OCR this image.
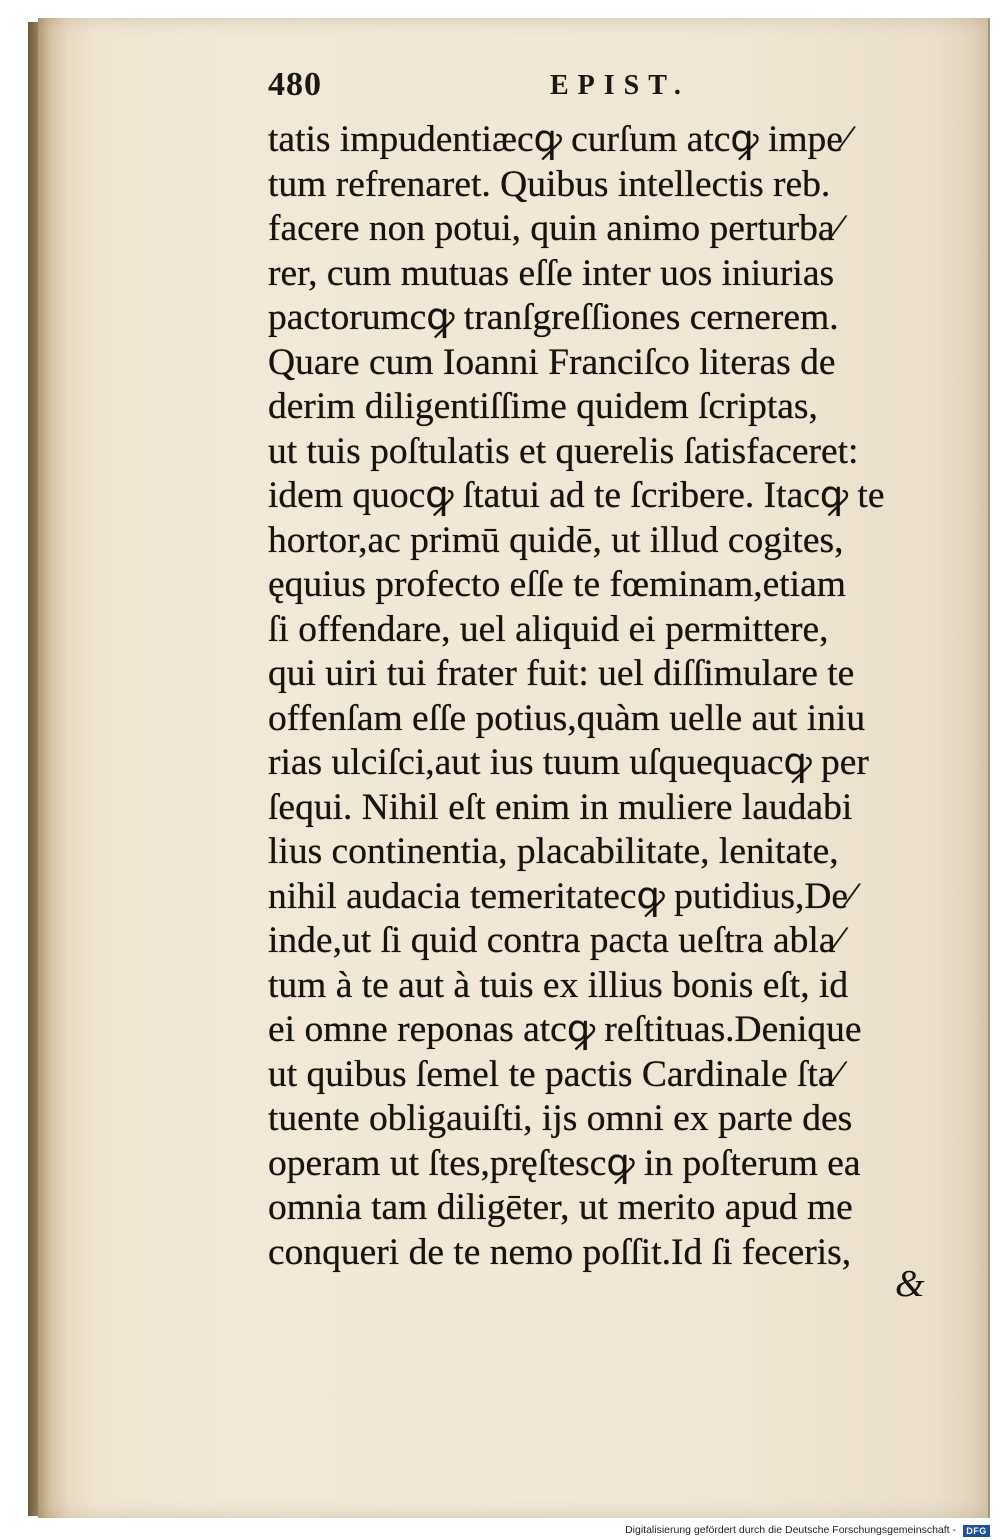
480	EPIST.
tatis impudentiæcꝙ curſum atcꝙ impe⁄
tum refrenaret. Quibus intellectis reb.
facere non potui, quin animo perturba⁄
rer, cum mutuas eſſe inter uos iniurias
pactorumcꝙ tranſgreſſiones cernerem.
Quare cum Ioanni Franciſco literas de
derim diligentiſſime quidem ſcriptas,
ut tuis poſtulatis et querelis ſatisfaceret:
idem quocꝙ ſtatui ad te ſcribere. Itacꝙ te
hortor,ac primū quidē, ut illud cogites,
ęquius profecto eſſe te fœminam,etiam
ſi offendare, uel aliquid ei permittere,
qui uiri tui frater fuit: uel diſſimulare te
offenſam eſſe potius,quàm uelle aut iniu
rias ulciſci,aut ius tuum uſquequacꝙ per
ſequi. Nihil eſt enim in muliere laudabi
lius continentia, placabilitate, lenitate,
nihil audacia temeritatecꝙ putidius,De⁄
inde,ut ſi quid contra pacta ueſtra abla⁄
tum à te aut à tuis ex illius bonis eſt, id
ei omne reponas atcꝙ reſtituas.Denique
ut quibus ſemel te pactis Cardinale ſta⁄
tuente obligauiſti, ijs omni ex parte des
operam ut ſtes,pręſtescꝙ in poſterum ea
omnia tam diligēter, ut merito apud me
conqueri de te nemo poſſit.Id ſi feceris,
&
Digitalisierung gefördert durch die Deutsche Forschungsgemeinschaft -	DFG
